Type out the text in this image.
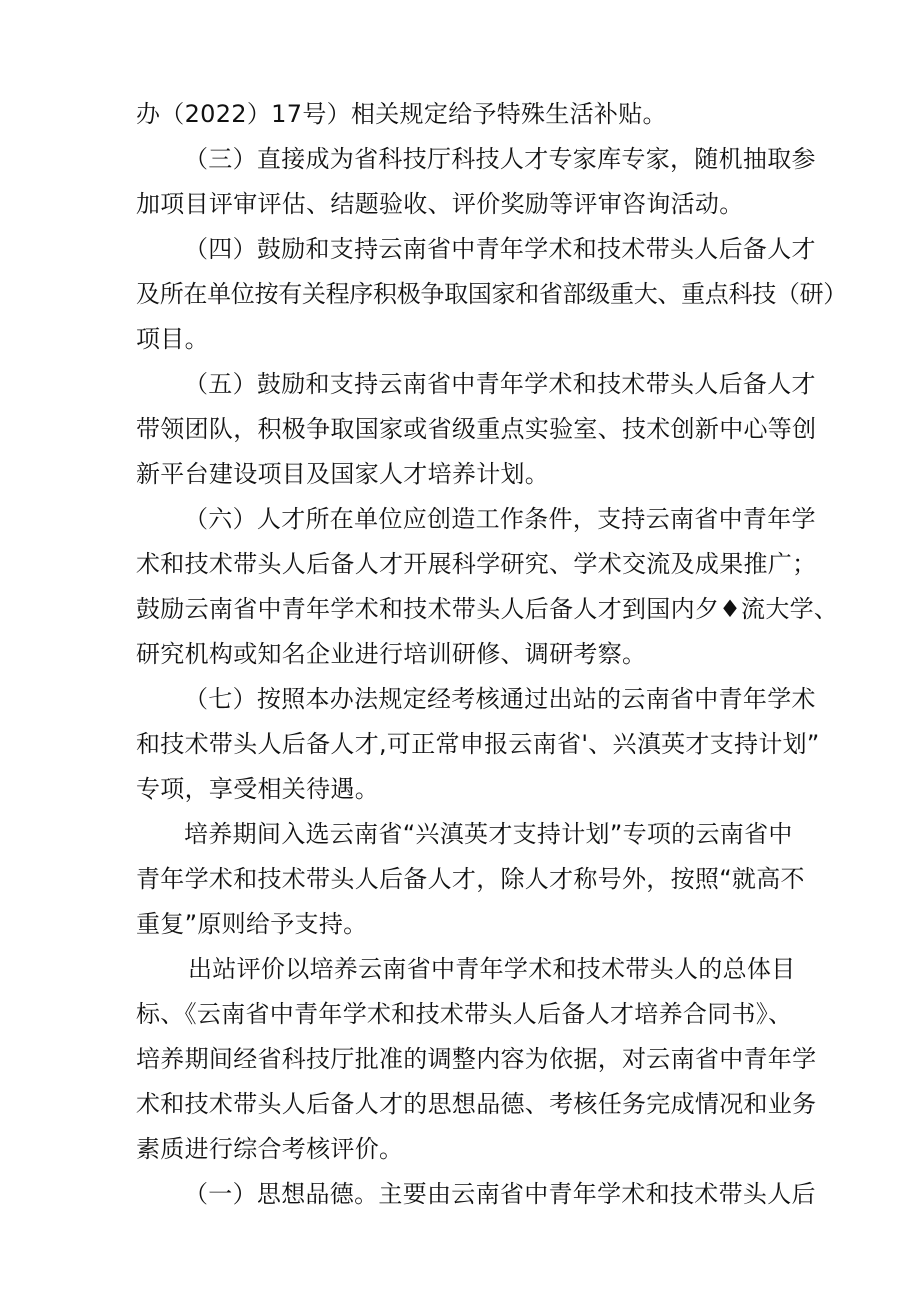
办（2022）17号）相关规定给予特殊生活补贴。
（三）直接成为省科技厅科技人才专家库专家，随机抽取参
加项目评审评估、结题验收、评价奖励等评审咨询活动。
（四）鼓励和支持云南省中青年学术和技术带头人后备人才
及所在单位按有关程序积极争取国家和省部级重大、重点科技（研）
项目。
（五）鼓励和支持云南省中青年学术和技术带头人后备人才
带领团队，积极争取国家或省级重点实验室、技术创新中心等创
新平台建设项目及国家人才培养计划。
（六）人才所在单位应创造工作条件，支持云南省中青年学
术和技术带头人后备人才开展科学研究、学术交流及成果推广；
鼓励云南省中青年学术和技术带头人后备人才到国内夕♦流大学、
研究机构或知名企业进行培训研修、调研考察。
（七）按照本办法规定经考核通过出站的云南省中青年学术
和技术带头人后备人才,可正常申报云南省'、兴滇英才支持计划”
专项，享受相关待遇。
培养期间入选云南省“兴滇英才支持计划”专项的云南省中
青年学术和技术带头人后备人才，除人才称号外，按照“就高不
重复”原则给予支持。
出站评价以培养云南省中青年学术和技术带头人的总体目
标、《云南省中青年学术和技术带头人后备人才培养合同书》、
培养期间经省科技厅批准的调整内容为依据，对云南省中青年学
术和技术带头人后备人才的思想品德、考核任务完成情况和业务
素质进行综合考核评价。
（一）思想品德。主要由云南省中青年学术和技术带头人后
